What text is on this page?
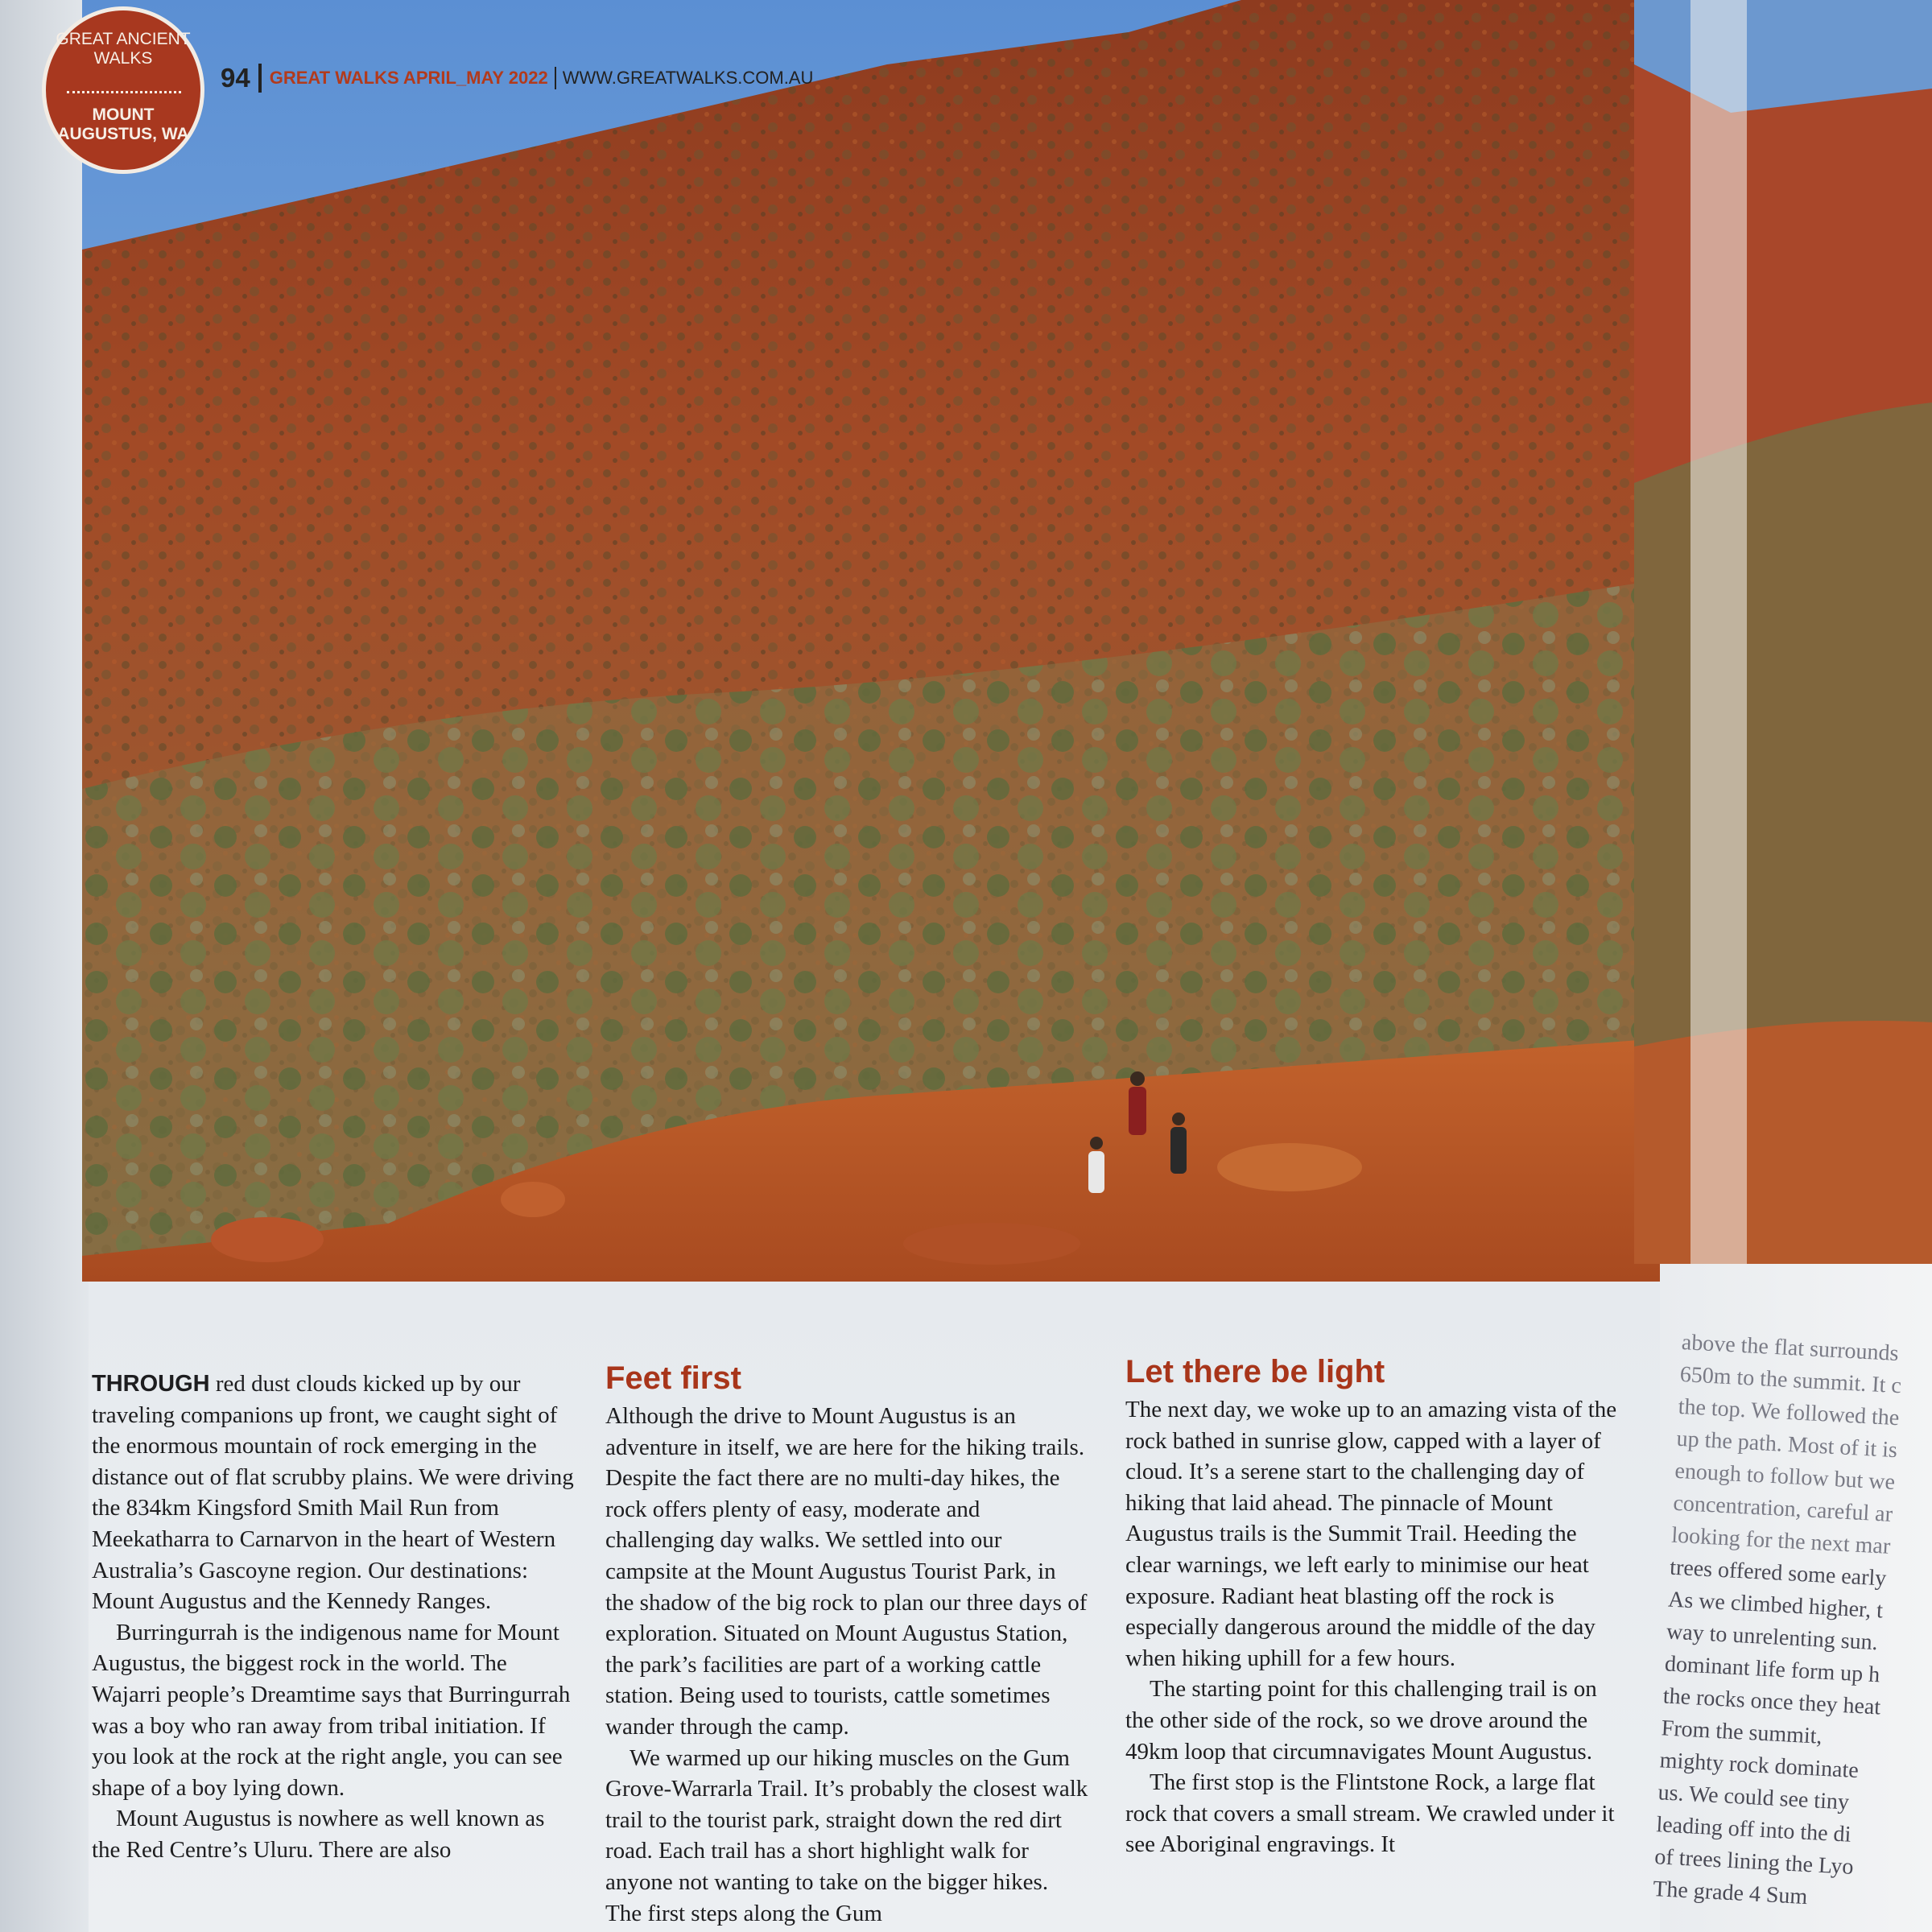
GREAT ANCIENT WALKS
MOUNT AUGUSTUS, WA
94 GREAT WALKS APRIL_MAY 2022 WWW.GREATWALKS.COM.AU

THROUGH red dust clouds kicked up by our traveling companions up front, we caught sight of the enormous mountain of rock emerging in the distance out of flat scrubby plains. We were driving the 834km Kingsford Smith Mail Run from Meekatharra to Carnarvon in the heart of Western Australia’s Gascoyne region. Our destinations: Mount Augustus and the Kennedy Ranges.

Burringurrah is the indigenous name for Mount Augustus, the biggest rock in the world. The Wajarri people’s Dreamtime says that Burringurrah was a boy who ran away from tribal initiation. If you look at the rock at the right angle, you can see shape of a boy lying down.

Mount Augustus is nowhere as well known as the Red Centre’s Uluru. There are also

Feet first

Although the drive to Mount Augustus is an adventure in itself, we are here for the hiking trails. Despite the fact there are no multi-day hikes, the rock offers plenty of easy, moderate and challenging day walks. We settled into our campsite at the Mount Augustus Tourist Park, in the shadow of the big rock to plan our three days of exploration. Situated on Mount Augustus Station, the park’s facilities are part of a working cattle station. Being used to tourists, cattle sometimes wander through the camp.

We warmed up our hiking muscles on the Gum Grove-Warrarla Trail. It’s probably the closest walk trail to the tourist park, straight down the red dirt road. Each trail has a short highlight walk for anyone not wanting to take on the bigger hikes. The first steps along the Gum

Let there be light

The next day, we woke up to an amazing vista of the rock bathed in sunrise glow, capped with a layer of cloud. It’s a serene start to the challenging day of hiking that laid ahead. The pinnacle of Mount Augustus trails is the Summit Trail. Heeding the clear warnings, we left early to minimise our heat exposure. Radiant heat blasting off the rock is especially dangerous around the middle of the day when hiking uphill for a few hours.

The starting point for this challenging trail is on the other side of the rock, so we drove around the 49km loop that circumnavigates Mount Augustus.

The first stop is the Flintstone Rock, a large flat rock that covers a small stream. We crawled under it see Aboriginal engravings. It

above the flat surrounds
650m to the summit. It c
the top. We followed the
up the path. Most of it is
enough to follow but we
concentration, careful ar
looking for the next mar
trees offered some early
As we climbed higher, t
way to unrelenting sun.
dominant life form up h
the rocks once they heat
From the summit,
mighty rock dominate
us. We could see tiny
leading off into the di
of trees lining the Lyo
The grade 4 Sum
